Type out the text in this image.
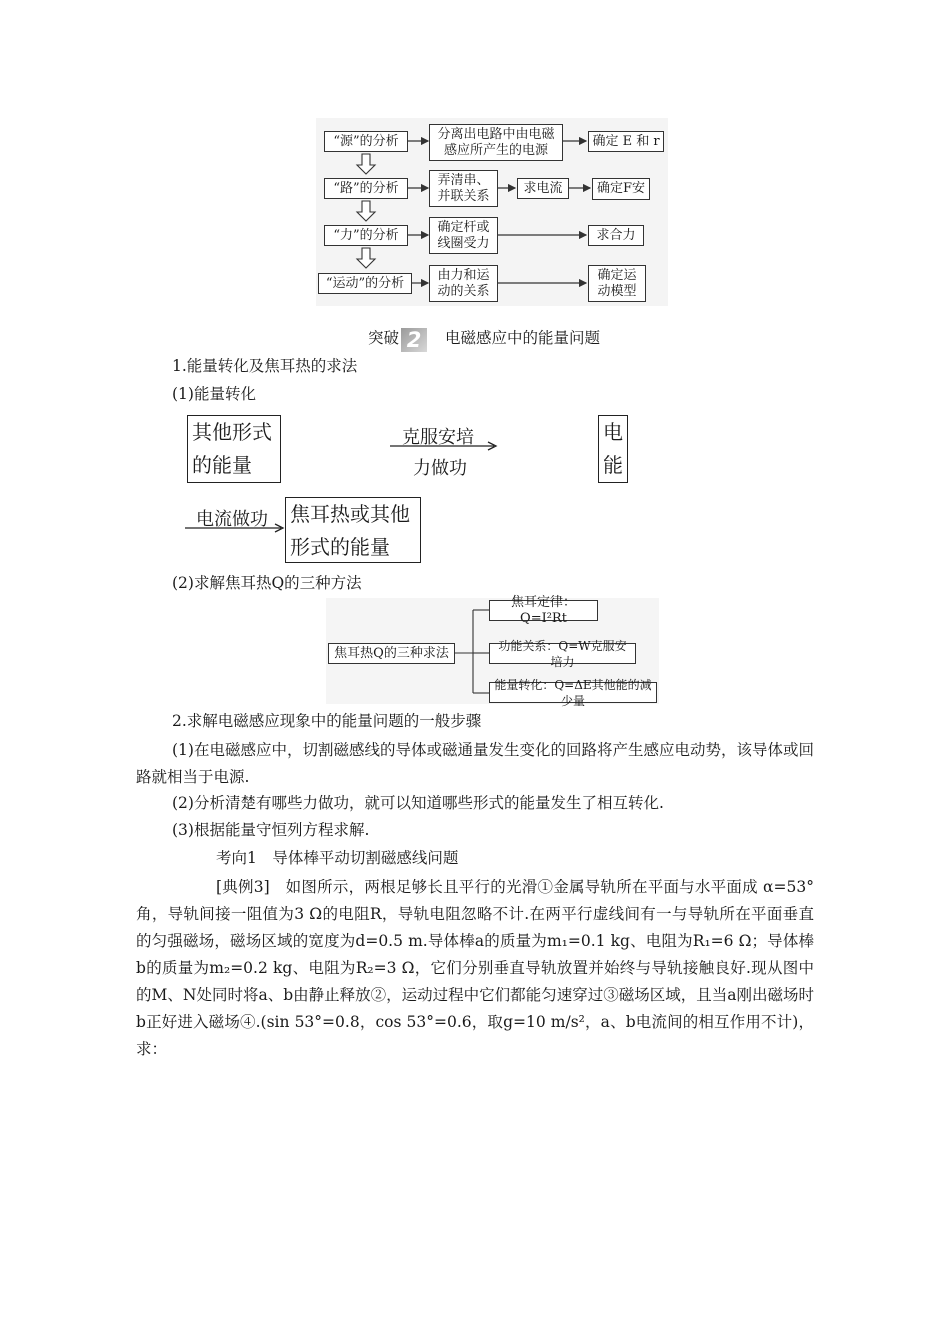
“源”的分析	分离出电路中由电磁感应所产生的电源
确定 E 和 r
“路”的分析
弄清串、并联关系
求电流	确定F安
“力”的分析
确定杆或线圈受力
求合力
“运动”的分析
由力和运动的关系
确定运动模型
突破 2 电磁感应中的能量问题
1.能量转化及焦耳热的求法
(1)能量转化
其他形式的能量
克服安培
力做功
电能
电流做功 焦耳热或其他形式的能量
(2)求解焦耳热Q的三种方法
焦耳热Q的三种求法
焦耳定律：Q=I²Rt
功能关系：Q=W克服安培力
能量转化：Q=ΔE其他能的减少量
2.求解电磁感应现象中的能量问题的一般步骤
(1)在电磁感应中，切割磁感线的导体或磁通量发生变化的回路将产生感应电动势，该导体或回路就相当于电源.
(2)分析清楚有哪些力做功，就可以知道哪些形式的能量发生了相互转化.
(3)根据能量守恒列方程求解.
考向1　导体棒平动切割磁感线问题
[典例3]　如图所示，两根足够长且平行的光滑①金属导轨所在平面与水平面成 α=53°角，导轨间接一阻值为3 Ω的电阻R，导轨电阻忽略不计.在两平行虚线间有一与导轨所在平面垂直的匀强磁场，磁场区域的宽度为d=0.5 m.导体棒a的质量为m₁=0.1 kg、电阻为R₁=6 Ω；导体棒b的质量为m₂=0.2 kg、电阻为R₂=3 Ω，它们分别垂直导轨放置并始终与导轨接触良好.现从图中的M、N处同时将a、b由静止释放②，运动过程中它们都能匀速穿过③磁场区域，且当a刚出磁场时b正好进入磁场④.(sin 53°=0.8，cos 53°=0.6，取g=10 m/s²，a、b电流间的相互作用不计)，求：
